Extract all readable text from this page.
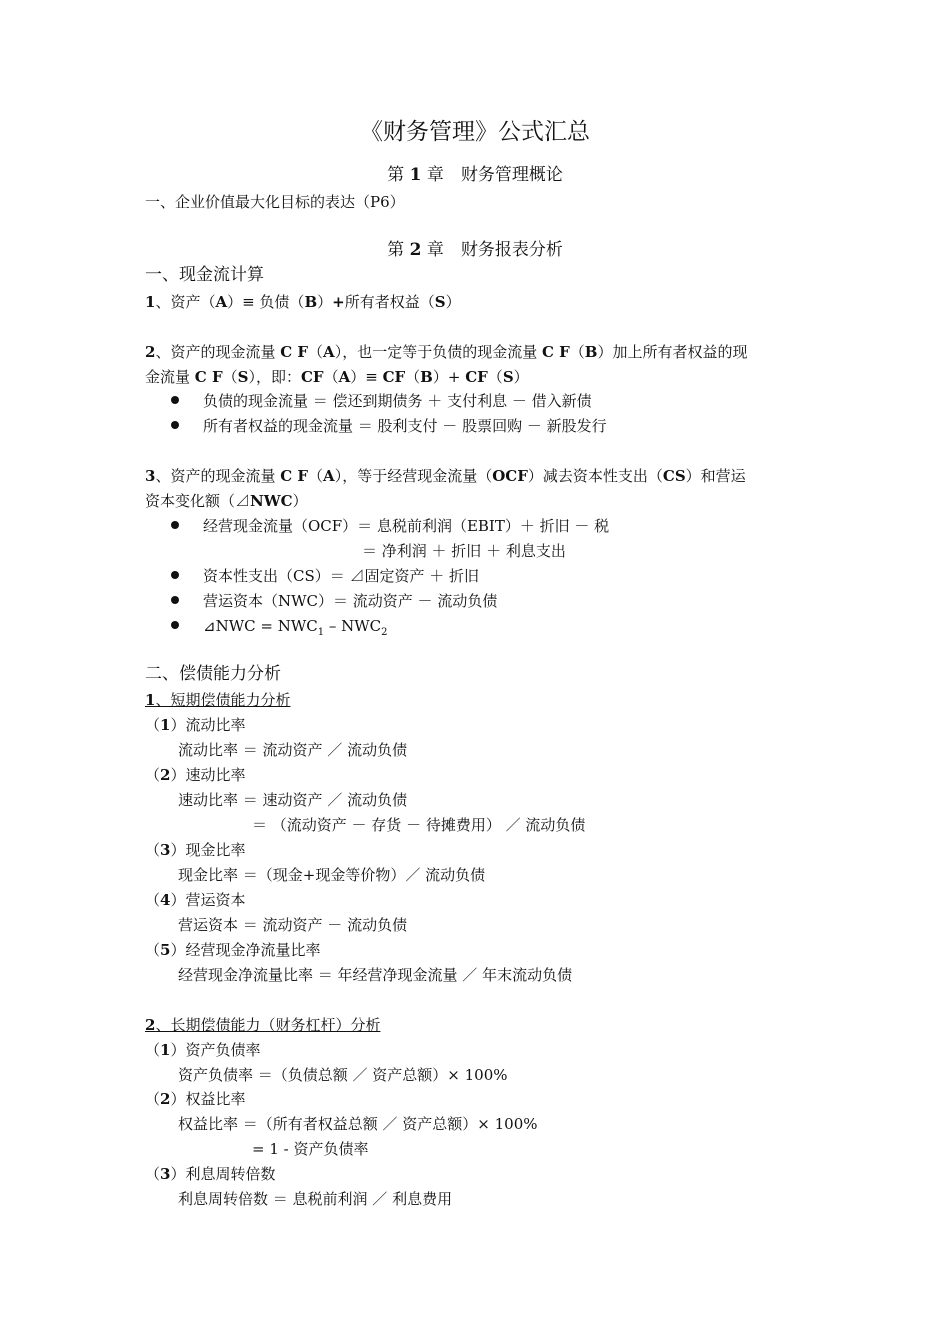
《财务管理》公式汇总
第 1 章　财务管理概论
一、企业价值最大化目标的表达（P6）
第 2 章　财务报表分析
一、现金流计算
1、资产（A）≡ 负债（B）+所有者权益（S）
2、资产的现金流量 C F（A），也一定等于负债的现金流量 C F（B）加上所有者权益的现
金流量 C F（S），即：CF（A）≡ CF（B）+ CF（S）
负债的现金流量 ＝ 偿还到期债务 ＋ 支付利息 － 借入新债
所有者权益的现金流量 ＝ 股利支付 － 股票回购 － 新股发行
3、资产的现金流量 C F（A），等于经营现金流量（OCF）减去资本性支出（CS）和营运
资本变化额（⊿NWC）
经营现金流量（OCF）＝ 息税前利润（EBIT）＋ 折旧 － 税
＝ 净利润 ＋ 折旧 ＋ 利息支出
资本性支出（CS）＝ ⊿固定资产 ＋ 折旧
营运资本（NWC）＝ 流动资产 － 流动负债
⊿NWC = $NWC_1 - NWC_2$
二、偿债能力分析
1、短期偿债能力分析
（1）流动比率
流动比率 ＝ 流动资产 ／ 流动负债
（2）速动比率
速动比率 ＝ 速动资产 ／ 流动负债
＝ （流动资产 － 存货 － 待摊费用） ／ 流动负债
（3）现金比率
现金比率 ＝（现金+现金等价物）／ 流动负债
（4）营运资本
营运资本 ＝ 流动资产 － 流动负债
（5）经营现金净流量比率
经营现金净流量比率 ＝ 年经营净现金流量 ／ 年末流动负债
2、长期偿债能力（财务杠杆）分析
（1）资产负债率
资产负债率 ＝（负债总额 ／ 资产总额）× 100%
（2）权益比率
权益比率 ＝（所有者权益总额 ／ 资产总额）× 100%
= 1 - 资产负债率
（3）利息周转倍数
利息周转倍数 ＝ 息税前利润 ／ 利息费用
